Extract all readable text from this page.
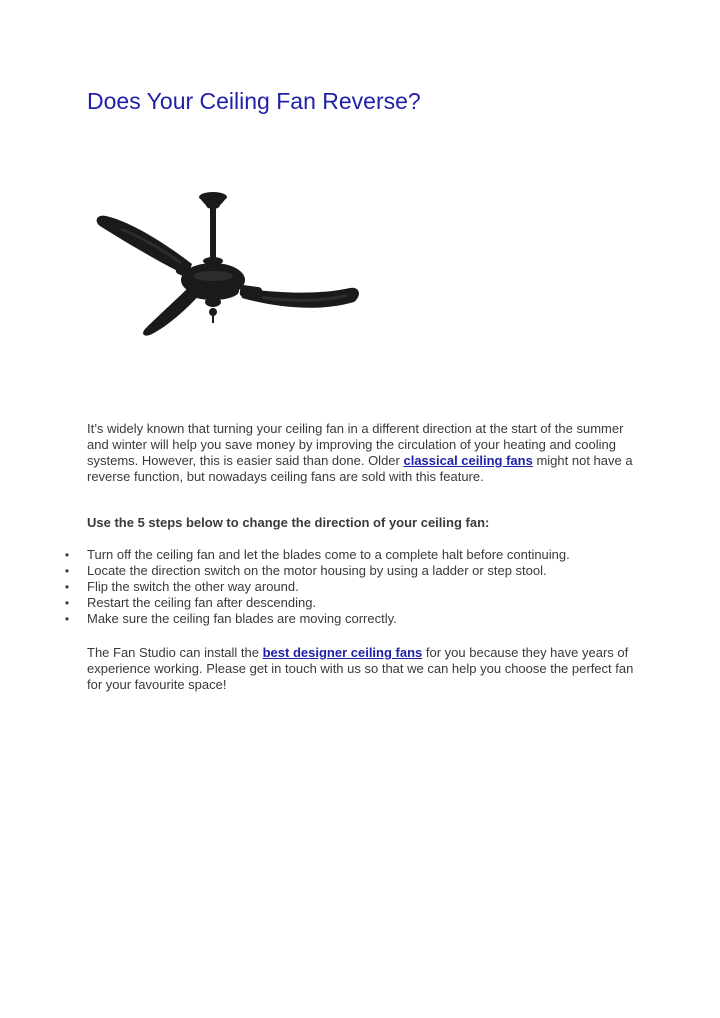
Does Your Ceiling Fan Reverse?

It’s widely known that turning your ceiling fan in a different direction at the start of the summer and winter will help you save money by improving the circulation of your heating and cooling systems. However, this is easier said than done. Older classical ceiling fans might not have a reverse function, but nowadays ceiling fans are sold with this feature.

Use the 5 steps below to change the direction of your ceiling fan:

• Turn off the ceiling fan and let the blades come to a complete halt before continuing.
• Locate the direction switch on the motor housing by using a ladder or step stool.
• Flip the switch the other way around.
• Restart the ceiling fan after descending.
• Make sure the ceiling fan blades are moving correctly.

The Fan Studio can install the best designer ceiling fans for you because they have years of experience working. Please get in touch with us so that we can help you choose the perfect fan for your favourite space!
